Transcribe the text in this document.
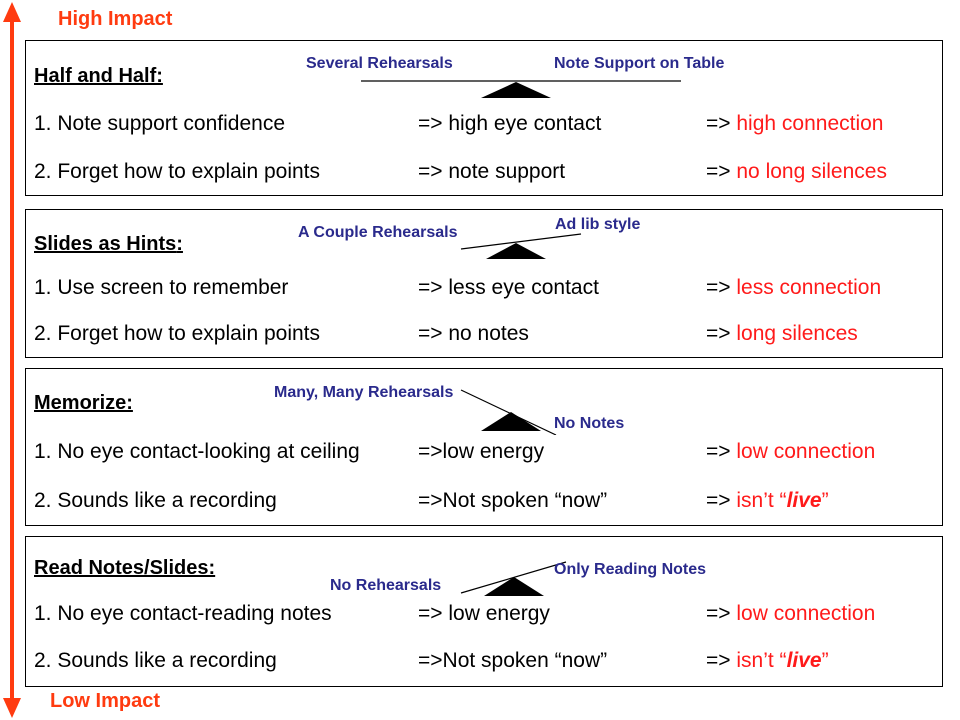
High Impact
Low Impact
Several Rehearsals	Note Support on Table
Half and Half:
1. Note support confidence	=> high eye contact	=> high connection
2. Forget how to explain points	=> note support	=> no long silences
A Couple Rehearsals	Ad lib style
Slides as Hints:
1. Use screen to remember	=> less eye contact	=> less connection
2. Forget how to explain points	=> no notes	=> long silences
Many, Many Rehearsals
No Notes
Memorize:
1. No eye contact-looking at ceiling	=>low energy	=> low connection
2. Sounds like a recording	=>Not spoken “now”	=> isn’t “live”
No Rehearsals
Only Reading Notes
Read Notes/Slides:
1. No eye contact-reading notes	=> low energy	=> low connection
2. Sounds like a recording	=>Not spoken “now”	=> isn’t “live”
